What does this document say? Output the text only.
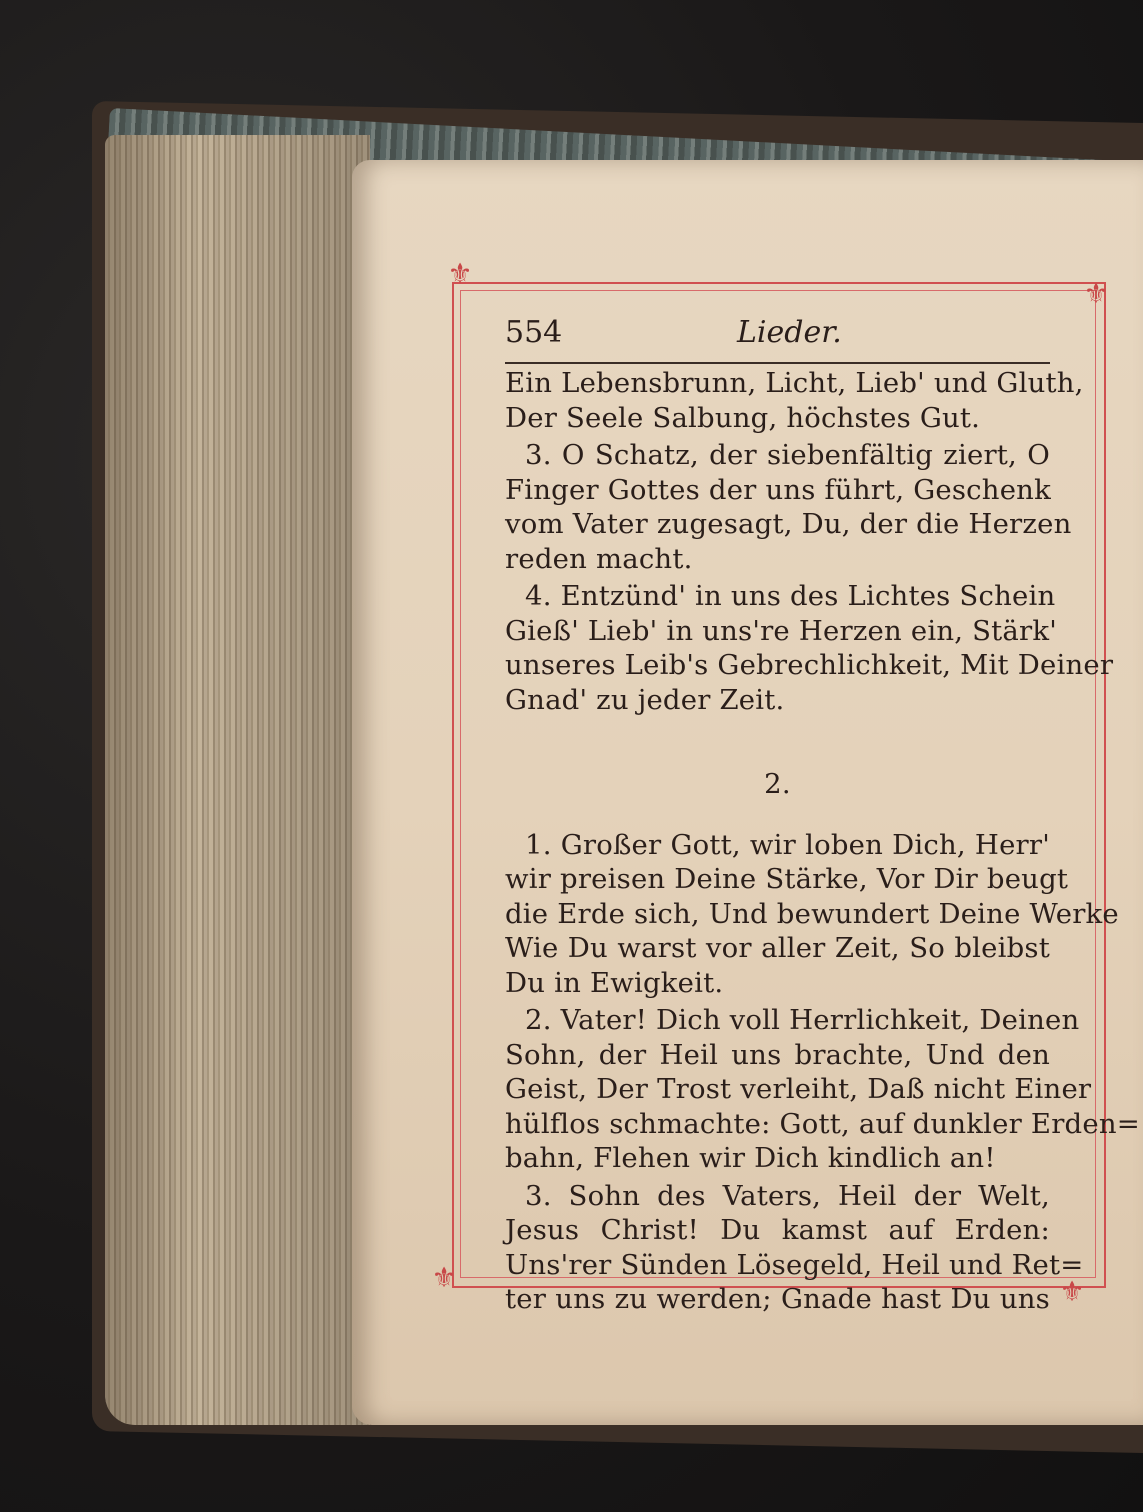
⚜
⚜
⚜	⚜
554	Lieder.
Ein Lebensbrunn, Licht, Lieb' und Gluth,
Der Seele Salbung, höchstes Gut.
3. O Schatz, der siebenfältig ziert, O
Finger Gottes der uns führt, Geschenk
vom Vater zugesagt, Du, der die Herzen
reden macht.
4. Entzünd' in uns des Lichtes Schein
Gieß' Lieb' in uns're Herzen ein, Stärk'
unseres Leib's Gebrechlichkeit, Mit Deiner
Gnad' zu jeder Zeit.
2.
1. Großer Gott, wir loben Dich, Herr'
wir preisen Deine Stärke, Vor Dir beugt
die Erde sich, Und bewundert Deine Werke
Wie Du warst vor aller Zeit, So bleibst
Du in Ewigkeit.
2. Vater! Dich voll Herrlichkeit, Deinen
Sohn, der Heil uns brachte, Und den
Geist, Der Trost verleiht, Daß nicht Einer
hülflos schmachte: Gott, auf dunkler Erden=
bahn, Flehen wir Dich kindlich an!
3. Sohn des Vaters, Heil der Welt,
Jesus Christ! Du kamst auf Erden:
Uns'rer Sünden Lösegeld, Heil und Ret=
ter uns zu werden; Gnade hast Du uns
